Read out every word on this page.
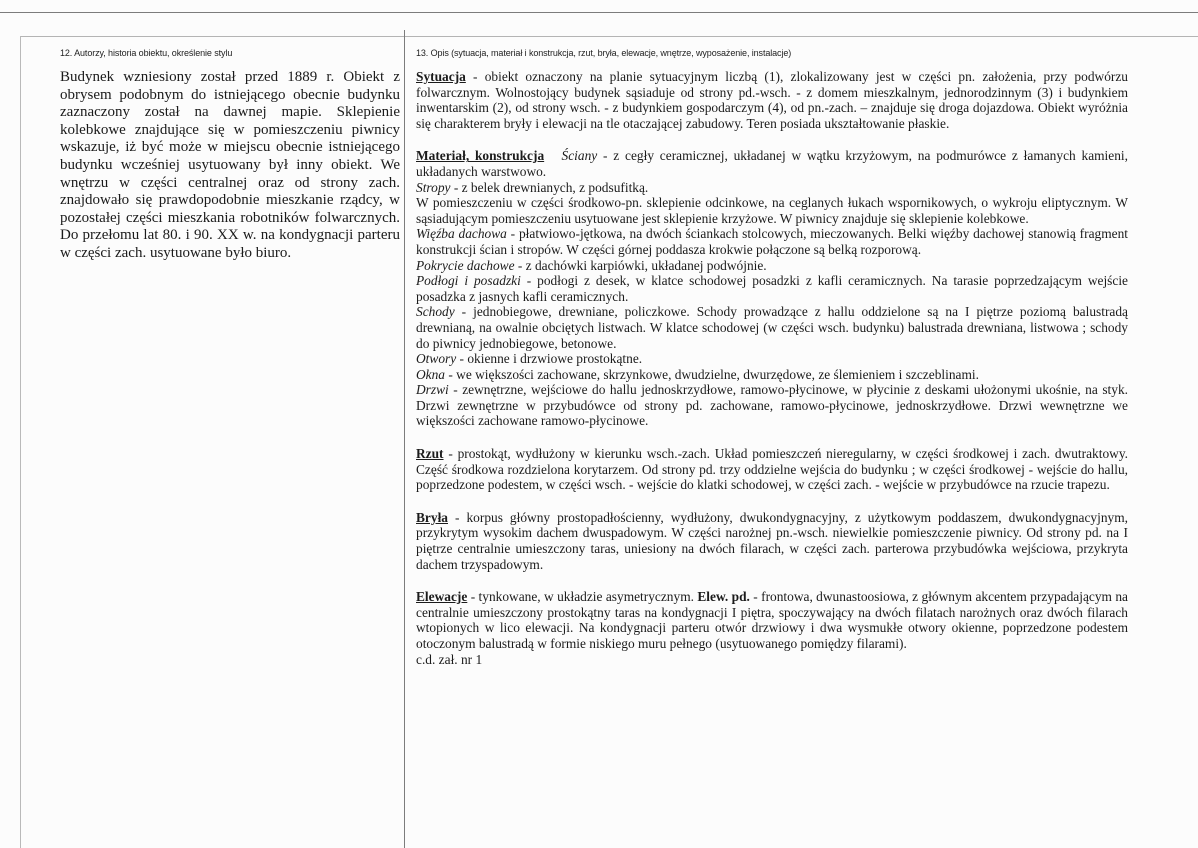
12. Autorzy, historia obiektu, określenie stylu

Budynek wzniesiony został przed 1889 r. Obiekt z obrysem podobnym do istniejącego obecnie budynku zaznaczony został na dawnej mapie. Sklepienie kolebkowe znajdujące się w pomieszczeniu piwnicy wskazuje, iż być może w miejscu obecnie istniejącego budynku wcześniej usytuowany był inny obiekt. We wnętrzu w części centralnej oraz od strony zach. znajdowało się prawdopodobnie mieszkanie rządcy, w pozostałej części mieszkania robotników folwarcznych. Do przełomu lat 80. i 90. XX w. na kondygnacji parteru w części zach. usytuowane było biuro.

13. Opis (sytuacja, materiał i konstrukcja, rzut, bryła, elewacje, wnętrze, wyposażenie, instalacje)

Sytuacja - obiekt oznaczony na planie sytuacyjnym liczbą (1), zlokalizowany jest w części pn. założenia, przy podwórzu folwarcznym. Wolnostojący budynek sąsiaduje od strony pd.-wsch. - z domem mieszkalnym, jednorodzinnym (3) i budynkiem inwentarskim (2), od strony wsch. - z budynkiem gospodarczym (4), od pn.-zach. – znajduje się droga dojazdowa. Obiekt wyróżnia się charakterem bryły i elewacji na tle otaczającej zabudowy. Teren posiada ukształtowanie płaskie.

Materiał, konstrukcja Ściany - z cegły ceramicznej, układanej w wątku krzyżowym, na podmurówce z łamanych kamieni, układanych warstwowo.

Stropy - z belek drewnianych, z podsufitką.

W pomieszczeniu w części środkowo-pn. sklepienie odcinkowe, na ceglanych łukach wspornikowych, o wykroju eliptycznym. W sąsiadującym pomieszczeniu usytuowane jest sklepienie krzyżowe. W piwnicy znajduje się sklepienie kolebkowe.

Więźba dachowa - płatwiowo-jętkowa, na dwóch ściankach stolcowych, mieczowanych. Belki więźby dachowej stanowią fragment konstrukcji ścian i stropów. W części górnej poddasza krokwie połączone są belką rozporową.

Pokrycie dachowe - z dachówki karpiówki, układanej podwójnie.

Podłogi i posadzki - podłogi z desek, w klatce schodowej posadzki z kafli ceramicznych. Na tarasie poprzedzającym wejście posadzka z jasnych kafli ceramicznych.

Schody - jednobiegowe, drewniane, policzkowe. Schody prowadzące z hallu oddzielone są na I piętrze poziomą balustradą drewnianą, na owalnie obciętych listwach. W klatce schodowej (w części wsch. budynku) balustrada drewniana, listwowa ; schody do piwnicy jednobiegowe, betonowe.

Otwory - okienne i drzwiowe prostokątne.

Okna - we większości zachowane, skrzynkowe, dwudzielne, dwurzędowe, ze ślemieniem i szczeblinami.

Drzwi - zewnętrzne, wejściowe do hallu jednoskrzydłowe, ramowo-płycinowe, w płycinie z deskami ułożonymi ukośnie, na styk. Drzwi zewnętrzne w przybudówce od strony pd. zachowane, ramowo-płycinowe, jednoskrzydłowe. Drzwi wewnętrzne we większości zachowane ramowo-płycinowe.

Rzut - prostokąt, wydłużony w kierunku wsch.-zach. Układ pomieszczeń nieregularny, w części środkowej i zach. dwutraktowy. Część środkowa rozdzielona korytarzem. Od strony pd. trzy oddzielne wejścia do budynku ; w części środkowej - wejście do hallu, poprzedzone podestem, w części wsch. - wejście do klatki schodowej, w części zach. - wejście w przybudówce na rzucie trapezu.

Bryła - korpus główny prostopadłościenny, wydłużony, dwukondygnacyjny, z użytkowym poddaszem, dwukondygnacyjnym, przykrytym wysokim dachem dwuspadowym. W części narożnej pn.-wsch. niewielkie pomieszczenie piwnicy. Od strony pd. na I piętrze centralnie umieszczony taras, uniesiony na dwóch filarach, w części zach. parterowa przybudówka wejściowa, przykryta dachem trzyspadowym.

Elewacje - tynkowane, w układzie asymetrycznym. Elew. pd. - frontowa, dwunastoosiowa, z głównym akcentem przypadającym na centralnie umieszczony prostokątny taras na kondygnacji I piętra, spoczywający na dwóch filatach narożnych oraz dwóch filarach wtopionych w lico elewacji. Na kondygnacji parteru otwór drzwiowy i dwa wysmukłe otwory okienne, poprzedzone podestem otoczonym balustradą w formie niskiego muru pełnego (usytuowanego pomiędzy filarami).

c.d. zał. nr 1
